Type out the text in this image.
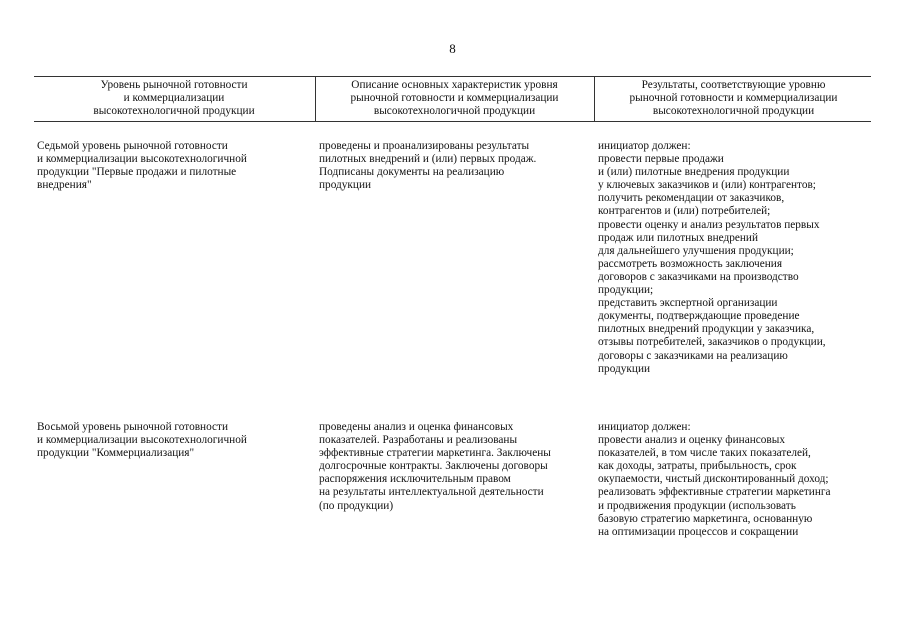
8
Уровень рыночной готовности
и коммерциализации
высокотехнологичной продукции
Описание основных характеристик уровня
рыночной готовности и коммерциализации
высокотехнологичной продукции
Результаты, соответствующие уровню
рыночной готовности и коммерциализации
высокотехнологичной продукции
Седьмой уровень рыночной готовности
и коммерциализации высокотехнологичной
продукции "Первые продажи и пилотные
внедрения"
проведены и проанализированы результаты
пилотных внедрений и (или) первых продаж.
Подписаны документы на реализацию
продукции
инициатор должен:
провести первые продажи
и (или) пилотные внедрения продукции
у ключевых заказчиков и (или) контрагентов;
получить рекомендации от заказчиков,
контрагентов и (или) потребителей;
провести оценку и анализ результатов первых
продаж или пилотных внедрений
для дальнейшего улучшения продукции;
рассмотреть возможность заключения
договоров с заказчиками на производство
продукции;
представить экспертной организации
документы, подтверждающие проведение
пилотных внедрений продукции у заказчика,
отзывы потребителей, заказчиков о продукции,
договоры с заказчиками на реализацию
продукции
Восьмой уровень рыночной готовности
и коммерциализации высокотехнологичной
продукции "Коммерциализация"
проведены анализ и оценка финансовых
показателей. Разработаны и реализованы
эффективные стратегии маркетинга. Заключены
долгосрочные контракты. Заключены договоры
распоряжения исключительным правом
на результаты интеллектуальной деятельности
(по продукции)
инициатор должен:
провести анализ и оценку финансовых
показателей, в том числе таких показателей,
как доходы, затраты, прибыльность, срок
окупаемости, чистый дисконтированный доход;
реализовать эффективные стратегии маркетинга
и продвижения продукции (использовать
базовую стратегию маркетинга, основанную
на оптимизации процессов и сокращении
